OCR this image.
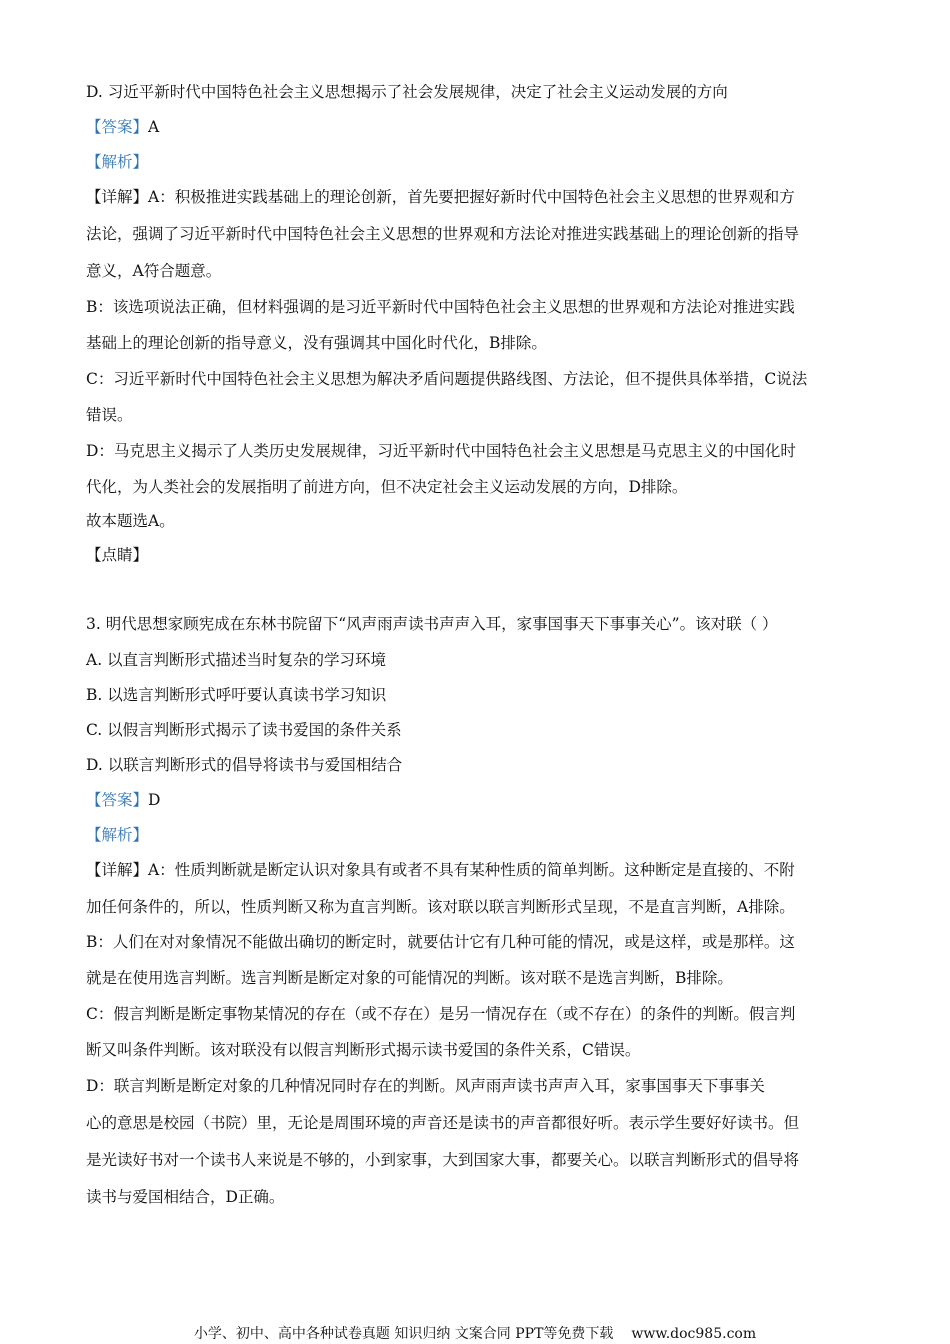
D. 习近平新时代中国特色社会主义思想揭示了社会发展规律，决定了社会主义运动发展的方向
【答案】A
【解析】
【详解】A：积极推进实践基础上的理论创新，首先要把握好新时代中国特色社会主义思想的世界观和方
法论，强调了习近平新时代中国特色社会主义思想的世界观和方法论对推进实践基础上的理论创新的指导
意义，A符合题意。
B：该选项说法正确，但材料强调的是习近平新时代中国特色社会主义思想的世界观和方法论对推进实践
基础上的理论创新的指导意义，没有强调其中国化时代化，B排除。
C：习近平新时代中国特色社会主义思想为解决矛盾问题提供路线图、方法论，但不提供具体举措，C说法
错误。
D：马克思主义揭示了人类历史发展规律，习近平新时代中国特色社会主义思想是马克思主义的中国化时
代化，为人类社会的发展指明了前进方向，但不决定社会主义运动发展的方向，D排除。
故本题选A。
【点睛】
3. 明代思想家顾宪成在东林书院留下“风声雨声读书声声入耳，家事国事天下事事关心”。该对联（ ）
A. 以直言判断形式描述当时复杂的学习环境
B. 以选言判断形式呼吁要认真读书学习知识
C. 以假言判断形式揭示了读书爱国的条件关系
D. 以联言判断形式的倡导将读书与爱国相结合
【答案】D
【解析】
【详解】A：性质判断就是断定认识对象具有或者不具有某种性质的简单判断。这种断定是直接的、不附
加任何条件的，所以，性质判断又称为直言判断。该对联以联言判断形式呈现，不是直言判断，A排除。
B：人们在对对象情况不能做出确切的断定时，就要估计它有几种可能的情况，或是这样，或是那样。这
就是在使用选言判断。选言判断是断定对象的可能情况的判断。该对联不是选言判断，B排除。
C：假言判断是断定事物某情况的存在（或不存在）是另一情况存在（或不存在）的条件的判断。假言判
断又叫条件判断。该对联没有以假言判断形式揭示读书爱国的条件关系，C错误。
D：联言判断是断定对象的几种情况同时存在的判断。风声雨声读书声声入耳，家事国事天下事事关
心的意思是校园（书院）里，无论是周围环境的声音还是读书的声音都很好听。表示学生要好好读书。但
是光读好书对一个读书人来说是不够的，小到家事，大到国家大事，都要关心。以联言判断形式的倡导将
读书与爱国相结合，D正确。
小学、初中、高中各种试卷真题 知识归纳 文案合同 PPT等免费下载 www.doc985.com
